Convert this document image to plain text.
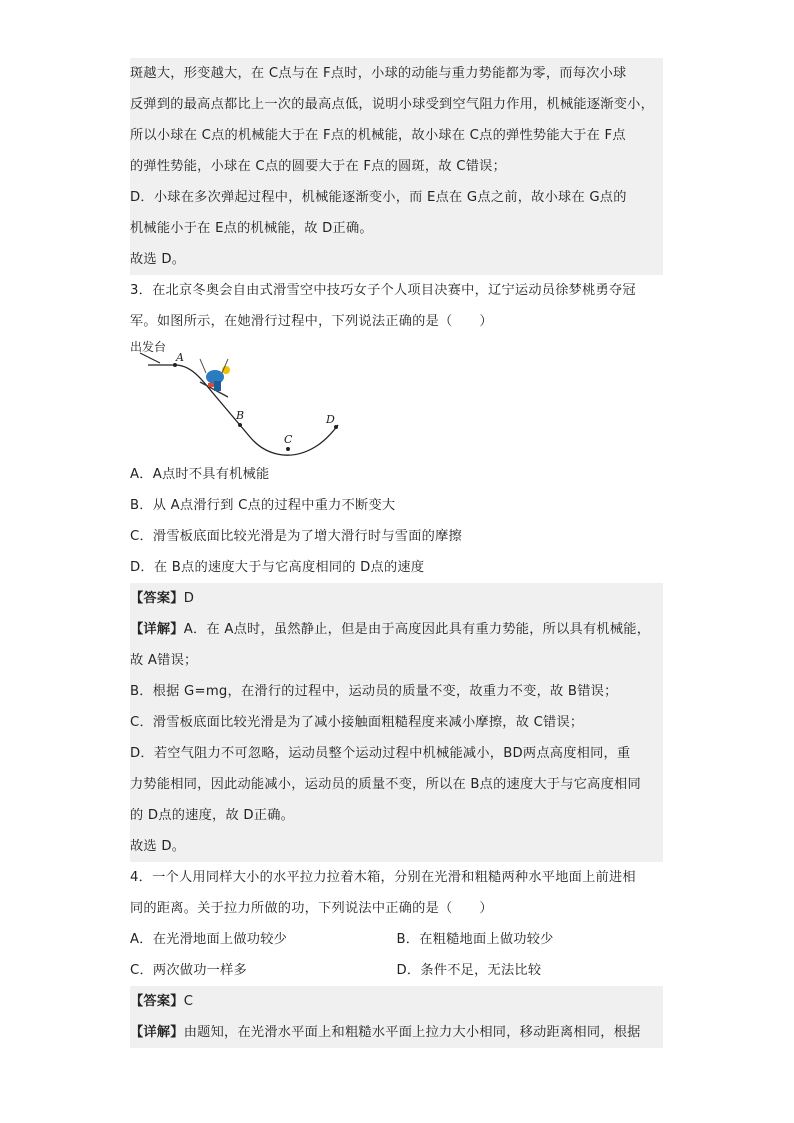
斑越大，形变越大，在 C点与在 F点时，小球的动能与重力势能都为零，而每次小球
反弹到的最高点都比上一次的最高点低，说明小球受到空气阻力作用，机械能逐渐变小，
所以小球在 C点的机械能大于在 F点的机械能，故小球在 C点的弹性势能大于在 F点
的弹性势能，小球在 C点的圆要大于在 F点的圆斑，故 C错误；
D．小球在多次弹起过程中，机械能逐渐变小，而 E点在 G点之前，故小球在 G点的
机械能小于在 E点的机械能，故 D正确。
故选 D。
3．在北京冬奥会自由式滑雪空中技巧女子个人项目决赛中，辽宁运动员徐梦桃勇夺冠
军。如图所示，在她滑行过程中，下列说法正确的是（　　）
出发台
A
B
C
D
A．A点时不具有机械能
B．从 A点滑行到 C点的过程中重力不断变大
C．滑雪板底面比较光滑是为了增大滑行时与雪面的摩擦
D．在 B点的速度大于与它高度相同的 D点的速度
【答案】D
【详解】A．在 A点时，虽然静止，但是由于高度因此具有重力势能，所以具有机械能，
故 A错误；
B．根据 G=mg，在滑行的过程中，运动员的质量不变，故重力不变，故 B错误；
C．滑雪板底面比较光滑是为了减小接触面粗糙程度来减小摩擦，故 C错误；
D．若空气阻力不可忽略，运动员整个运动过程中机械能减小，BD两点高度相同，重
力势能相同，因此动能减小，运动员的质量不变，所以在 B点的速度大于与它高度相同
的 D点的速度，故 D正确。
故选 D。
4．一个人用同样大小的水平拉力拉着木箱，分别在光滑和粗糙两种水平地面上前进相
同的距离。关于拉力所做的功，下列说法中正确的是（　　）
A．在光滑地面上做功较少	B．在粗糙地面上做功较少
C．两次做功一样多	D．条件不足，无法比较
【答案】C
【详解】由题知，在光滑水平面上和粗糙水平面上拉力大小相同，移动距离相同，根据
